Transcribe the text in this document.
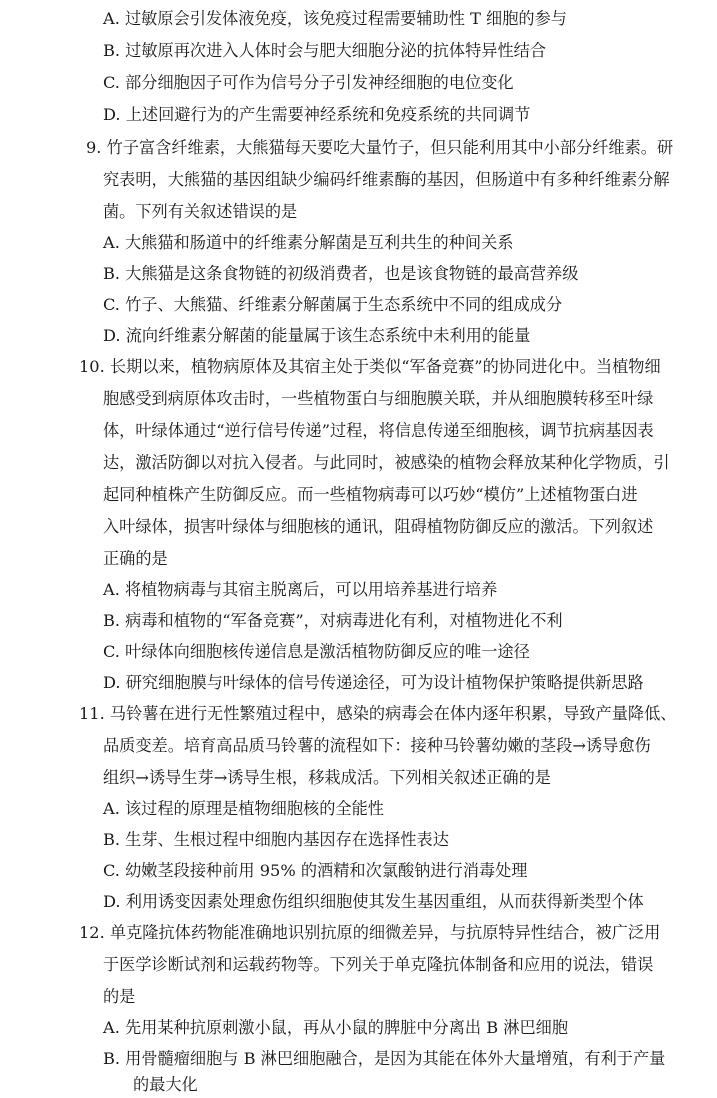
A. 过敏原会引发体液免疫，该免疫过程需要辅助性 T 细胞的参与
B. 过敏原再次进入人体时会与肥大细胞分泌的抗体特异性结合
C. 部分细胞因子可作为信号分子引发神经细胞的电位变化
D. 上述回避行为的产生需要神经系统和免疫系统的共同调节
9. 竹子富含纤维素，大熊猫每天要吃大量竹子，但只能利用其中小部分纤维素。研
究表明，大熊猫的基因组缺少编码纤维素酶的基因，但肠道中有多种纤维素分解
菌。下列有关叙述错误的是
A. 大熊猫和肠道中的纤维素分解菌是互利共生的种间关系
B. 大熊猫是这条食物链的初级消费者，也是该食物链的最高营养级
C. 竹子、大熊猫、纤维素分解菌属于生态系统中不同的组成成分
D. 流向纤维素分解菌的能量属于该生态系统中未利用的能量
10. 长期以来，植物病原体及其宿主处于类似“军备竞赛”的协同进化中。当植物细
胞感受到病原体攻击时，一些植物蛋白与细胞膜关联，并从细胞膜转移至叶绿
体，叶绿体通过“逆行信号传递”过程，将信息传递至细胞核，调节抗病基因表
达，激活防御以对抗入侵者。与此同时，被感染的植物会释放某种化学物质，引
起同种植株产生防御反应。而一些植物病毒可以巧妙“模仿”上述植物蛋白进
入叶绿体，损害叶绿体与细胞核的通讯，阻碍植物防御反应的激活。下列叙述
正确的是
A. 将植物病毒与其宿主脱离后，可以用培养基进行培养
B. 病毒和植物的“军备竞赛”，对病毒进化有利，对植物进化不利
C. 叶绿体向细胞核传递信息是激活植物防御反应的唯一途径
D. 研究细胞膜与叶绿体的信号传递途径，可为设计植物保护策略提供新思路
11. 马铃薯在进行无性繁殖过程中，感染的病毒会在体内逐年积累，导致产量降低、
品质变差。培育高品质马铃薯的流程如下：接种马铃薯幼嫩的茎段→诱导愈伤
组织→诱导生芽→诱导生根，移栽成活。下列相关叙述正确的是
A. 该过程的原理是植物细胞核的全能性
B. 生芽、生根过程中细胞内基因存在选择性表达
C. 幼嫩茎段接种前用 95% 的酒精和次氯酸钠进行消毒处理
D. 利用诱变因素处理愈伤组织细胞使其发生基因重组，从而获得新类型个体
12. 单克隆抗体药物能准确地识别抗原的细微差异，与抗原特异性结合，被广泛用
于医学诊断试剂和运载药物等。下列关于单克隆抗体制备和应用的说法，错误
的是
A. 先用某种抗原刺激小鼠，再从小鼠的脾脏中分离出 B 淋巴细胞
B. 用骨髓瘤细胞与 B 淋巴细胞融合，是因为其能在体外大量增殖，有利于产量
的最大化
